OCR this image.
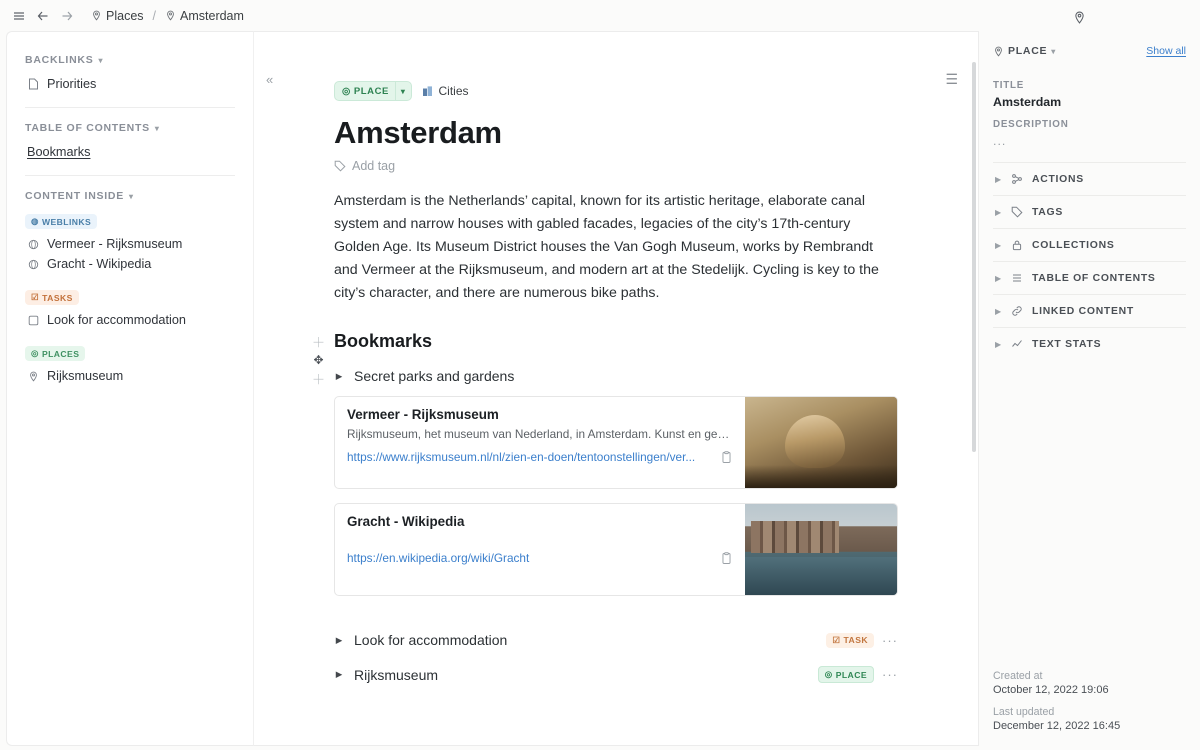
Places / Amsterdam
BACKLINKS ▾
Priorities
TABLE OF CONTENTS ▾
Bookmarks
CONTENT INSIDE ▾
◍ WEBLINKS
Vermeer - Rijksmuseum
Gracht - Wikipedia
☑ TASKS
Look for accommodation
◎ PLACES
Rijksmuseum
«	☰
＋
✥
＋
◎ PLACE	▾	Cities
Amsterdam
Add tag

Amsterdam is the Netherlands’ capital, known for its artistic heritage, elaborate canal system and narrow houses with gabled facades, legacies of the city’s 17th-century Golden Age. Its Museum District houses the Van Gogh Museum, works by Rembrandt and Vermeer at the Rijksmuseum, and modern art at the Stedelijk. Cycling is key to the city’s character, and there are numerous bike paths.

Bookmarks
▶ Secret parks and gardens
Vermeer - Rijksmuseum
Rijksmuseum, het museum van Nederland, in Amsterdam. Kunst en ges...
https://www.rijksmuseum.nl/nl/zien-en-doen/tentoonstellingen/ver...
Gracht - Wikipedia
https://en.wikipedia.org/wiki/Gracht
▶ Look for accommodation	☑ TASK ···
▶ Rijksmuseum	◎ PLACE ···
PLACE ▾	Show all
TITLE
Amsterdam
DESCRIPTION
...
▶	ACTIONS
▶	TAGS
▶	COLLECTIONS
▶	TABLE OF CONTENTS
▶	LINKED CONTENT
▶	TEXT STATS
Created at
October 12, 2022 19:06
Last updated
December 12, 2022 16:45
